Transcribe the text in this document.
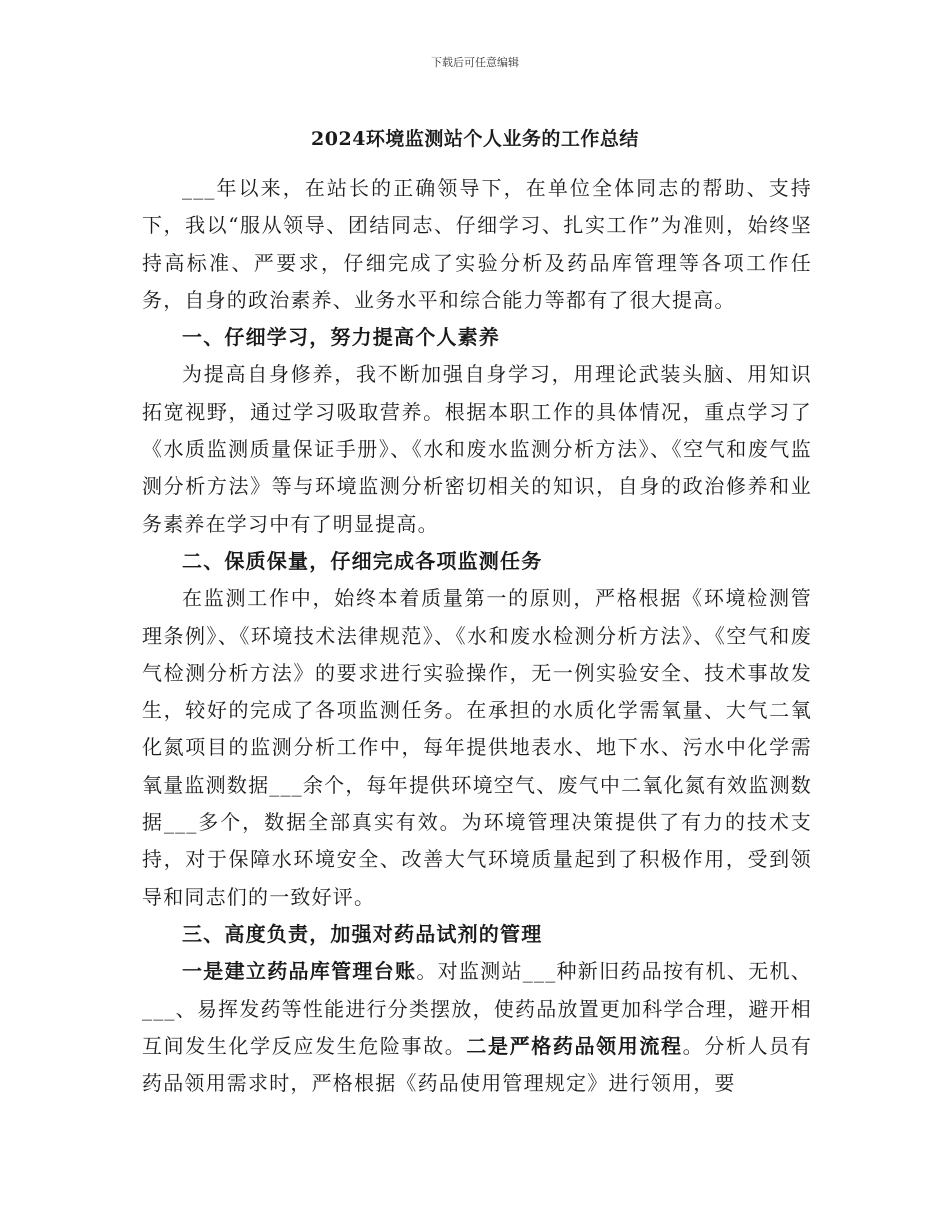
下载后可任意编辑
2024环境监测站个人业务的工作总结

___年以来，在站长的正确领导下，在单位全体同志的帮助、支持下，我以“服从领导、团结同志、仔细学习、扎实工作”为准则，始终坚持高标准、严要求，仔细完成了实验分析及药品库管理等各项工作任务，自身的政治素养、业务水平和综合能力等都有了很大提高。

一、仔细学习，努力提高个人素养

为提高自身修养，我不断加强自身学习，用理论武装头脑、用知识拓宽视野，通过学习吸取营养。根据本职工作的具体情况，重点学习了《水质监测质量保证手册》、《水和废水监测分析方法》、《空气和废气监测分析方法》等与环境监测分析密切相关的知识，自身的政治修养和业务素养在学习中有了明显提高。

二、保质保量，仔细完成各项监测任务

在监测工作中，始终本着质量第一的原则，严格根据《环境检测管理条例》、《环境技术法律规范》、《水和废水检测分析方法》、《空气和废气检测分析方法》的要求进行实验操作，无一例实验安全、技术事故发生，较好的完成了各项监测任务。在承担的水质化学需氧量、大气二氧化氮项目的监测分析工作中，每年提供地表水、地下水、污水中化学需氧量监测数据___余个，每年提供环境空气、废气中二氧化氮有效监测数据___多个，数据全部真实有效。为环境管理决策提供了有力的技术支持，对于保障水环境安全、改善大气环境质量起到了积极作用，受到领导和同志们的一致好评。

三、高度负责，加强对药品试剂的管理

一是建立药品库管理台账。对监测站___种新旧药品按有机、无机、___、易挥发药等性能进行分类摆放，使药品放置更加科学合理，避开相互间发生化学反应发生危险事故。二是严格药品领用流程。分析人员有药品领用需求时，严格根据《药品使用管理规定》进行领用，要
